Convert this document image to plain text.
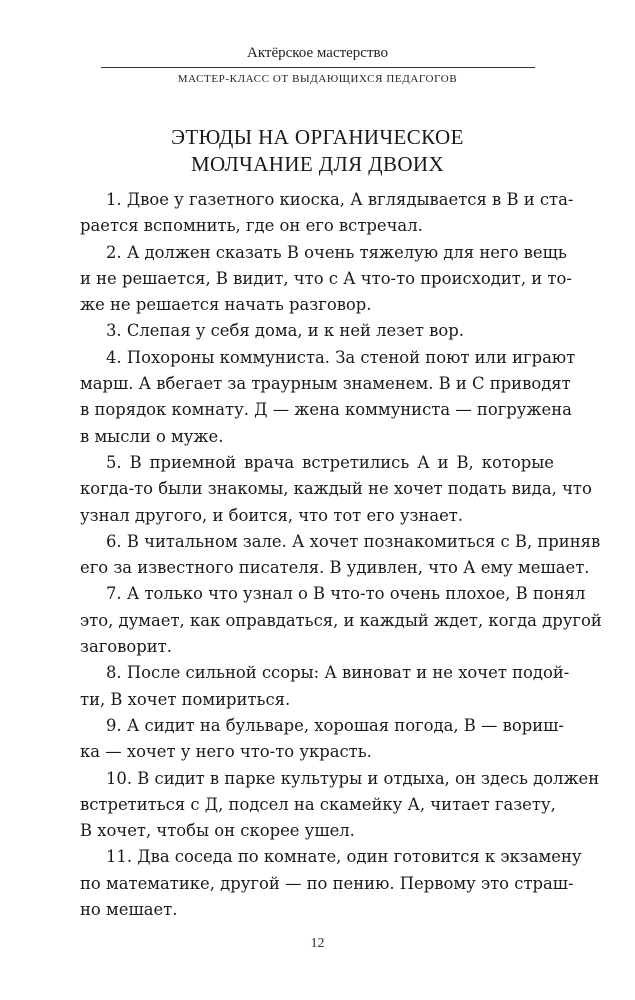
Актёрское мастерство
МАСТЕР-КЛАСС ОТ ВЫДАЮЩИХСЯ ПЕДАГОГОВ
ЭТЮДЫ НА ОРГАНИЧЕСКОЕ
МОЛЧАНИЕ ДЛЯ ДВОИХ

1. Двое у газетного киоска, А вглядывается в В и ста-
рается вспомнить, где он его встречал.

2. А должен сказать В очень тяжелую для него вещь
и не решается, В видит, что с А что-то происходит, и то-
же не решается начать разговор.

3. Слепая у себя дома, и к ней лезет вор.

4. Похороны коммуниста. За стеной поют или играют
марш. А вбегает за траурным знаменем. В и С приводят
в порядок комнату. Д — жена коммуниста — погружена
в мысли о муже.

5. В приемной врача встретились А и В, которые
когда-то были знакомы, каждый не хочет подать вида, что
узнал другого, и боится, что тот его узнает.

6. В читальном зале. А хочет познакомиться с В, приняв
его за известного писателя. В удивлен, что А ему мешает.

7. А только что узнал о В что-то очень плохое, В понял
это, думает, как оправдаться, и каждый ждет, когда другой
заговорит.

8. После сильной ссоры: А виноват и не хочет подой-
ти, В хочет помириться.

9. А сидит на бульваре, хорошая погода, В — вориш-
ка — хочет у него что-то украсть.

10. В сидит в парке культуры и отдыха, он здесь должен
встретиться с Д, подсел на скамейку А, читает газету,
В хочет, чтобы он скорее ушел.

11. Два соседа по комнате, один готовится к экзамену
по математике, другой — по пению. Первому это страш-
но мешает.

12
